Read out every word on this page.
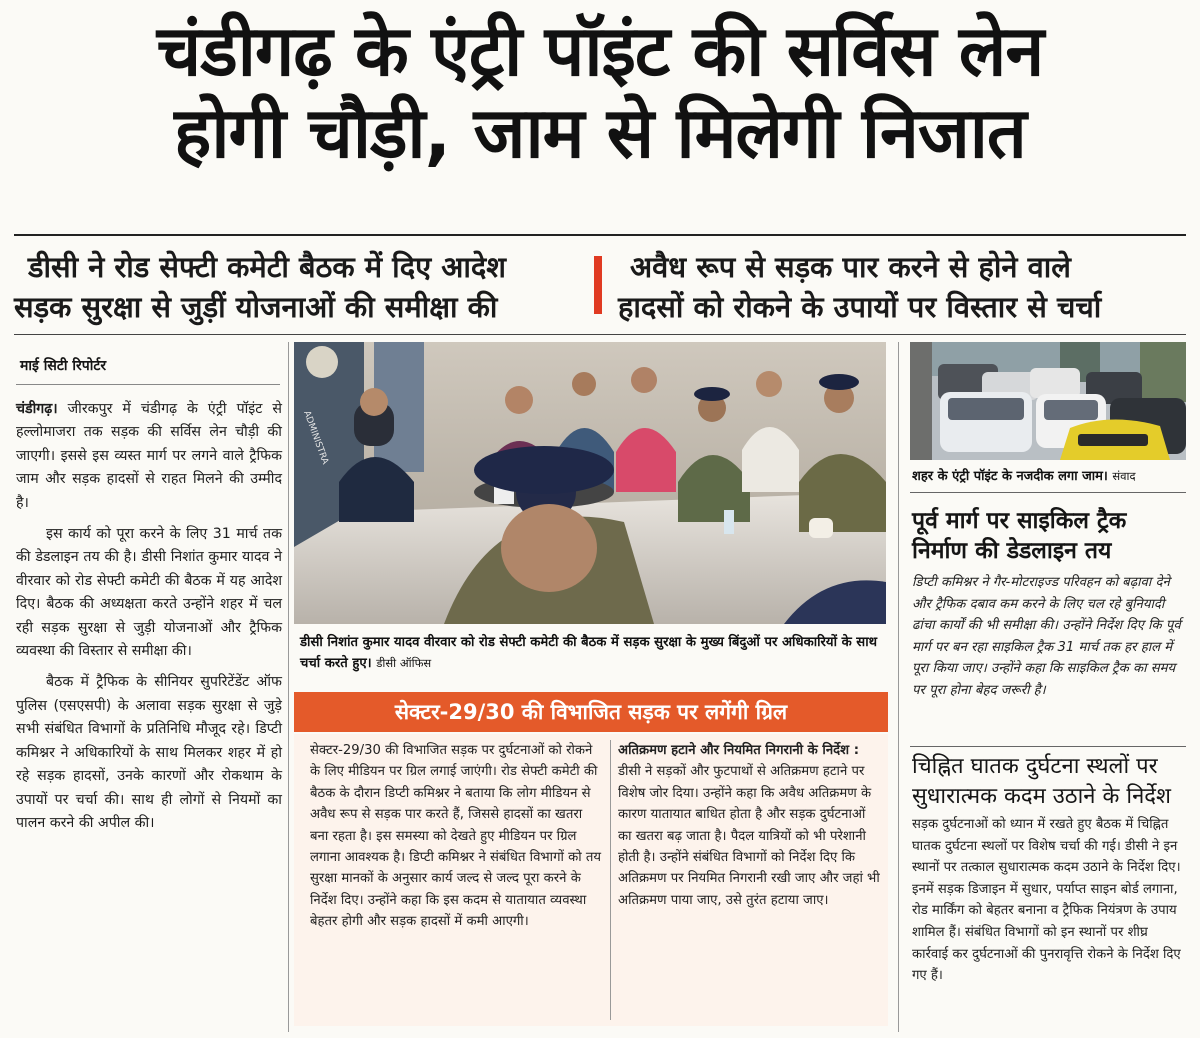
चंडीगढ़ के एंट्री पॉइंट की सर्विस लेन
होगी चौड़ी, जाम से मिलेगी निजात
डीसी ने रोड सेफ्टी कमेटी बैठक में दिए आदेश
सड़क सुरक्षा से जुड़ीं योजनाओं की समीक्षा की
अवैध रूप से सड़क पार करने से होने वाले
हादसों को रोकने के उपायों पर विस्तार से चर्चा
माई सिटी रिपोर्टर

चंडीगढ़। जीरकपुर में चंडीगढ़ के एंट्री पॉइंट से हल्लोमाजरा तक सड़क की सर्विस लेन चौड़ी की जाएगी। इससे इस व्यस्त मार्ग पर लगने वाले ट्रैफिक जाम और सड़क हादसों से राहत मिलने की उम्मीद है।

इस कार्य को पूरा करने के लिए 31 मार्च तक की डेडलाइन तय की है। डीसी निशांत कुमार यादव ने वीरवार को रोड सेफ्टी कमेटी की बैठक में यह आदेश दिए। बैठक की अध्यक्षता करते उन्होंने शहर में चल रही सड़क सुरक्षा से जुड़ी योजनाओं और ट्रैफिक व्यवस्था की विस्तार से समीक्षा की।

बैठक में ट्रैफिक के सीनियर सुपरिटेंडेंट ऑफ पुलिस (एसएसपी) के अलावा सड़क सुरक्षा से जुड़े सभी संबंधित विभागों के प्रतिनिधि मौजूद रहे। डिप्टी कमिश्नर ने अधिकारियों के साथ मिलकर शहर में हो रहे सड़क हादसों, उनके कारणों और रोकथाम के उपायों पर चर्चा की। साथ ही लोगों से नियमों का पालन करने की अपील की।

ADMINISTRA
डीसी निशांत कुमार यादव वीरवार को रोड सेफ्टी कमेटी की बैठक में सड़क सुरक्षा के मुख्य बिंदुओं पर अधिकारियों के साथ चर्चा करते हुए। डीसी ऑफिस
सेक्टर-29/30 की विभाजित सड़क पर लगेंगी ग्रिल
सेक्टर-29/30 की विभाजित सड़क पर दुर्घटनाओं को रोकने के लिए मीडियन पर ग्रिल लगाई जाएंगी। रोड सेफ्टी कमेटी की बैठक के दौरान डिप्टी कमिश्नर ने बताया कि लोग मीडियन से अवैध रूप से सड़क पार करते हैं, जिससे हादसों का खतरा बना रहता है। इस समस्या को देखते हुए मीडियन पर ग्रिल लगाना आवश्यक है। डिप्टी कमिश्नर ने संबंधित विभागों को तय सुरक्षा मानकों के अनुसार कार्य जल्द से जल्द पूरा करने के निर्देश दिए। उन्होंने कहा कि इस कदम से यातायात व्यवस्था बेहतर होगी और सड़क हादसों में कमी आएगी।
अतिक्रमण हटाने और नियमित निगरानी के निर्देश : डीसी ने सड़कों और फुटपाथों से अतिक्रमण हटाने पर विशेष जोर दिया। उन्होंने कहा कि अवैध अतिक्रमण के कारण यातायात बाधित होता है और सड़क दुर्घटनाओं का खतरा बढ़ जाता है। पैदल यात्रियों को भी परेशानी होती है। उन्होंने संबंधित विभागों को निर्देश दिए कि अतिक्रमण पर नियमित निगरानी रखी जाए और जहां भी अतिक्रमण पाया जाए, उसे तुरंत हटाया जाए।
शहर के एंट्री पॉइंट के नजदीक लगा जाम। संवाद
पूर्व मार्ग पर साइकिल ट्रैक निर्माण की डेडलाइन तय
डिप्टी कमिश्नर ने गैर-मोटराइज्ड परिवहन को बढ़ावा देने और ट्रैफिक दबाव कम करने के लिए चल रहे बुनियादी ढांचा कार्यों की भी समीक्षा की। उन्होंने निर्देश दिए कि पूर्व मार्ग पर बन रहा साइकिल ट्रैक 31 मार्च तक हर हाल में पूरा किया जाए। उन्होंने कहा कि साइकिल ट्रैक का समय पर पूरा होना बेहद जरूरी है।
चिह्नित घातक दुर्घटना स्थलों पर सुधारात्मक कदम उठाने के निर्देश
सड़क दुर्घटनाओं को ध्यान में रखते हुए बैठक में चिह्नित घातक दुर्घटना स्थलों पर विशेष चर्चा की गई। डीसी ने इन स्थानों पर तत्काल सुधारात्मक कदम उठाने के निर्देश दिए। इनमें सड़क डिजाइन में सुधार, पर्याप्त साइन बोर्ड लगाना, रोड मार्किंग को बेहतर बनाना व ट्रैफिक नियंत्रण के उपाय शामिल हैं। संबंधित विभागों को इन स्थानों पर शीघ्र कार्रवाई कर दुर्घटनाओं की पुनरावृत्ति रोकने के निर्देश दिए गए हैं।
